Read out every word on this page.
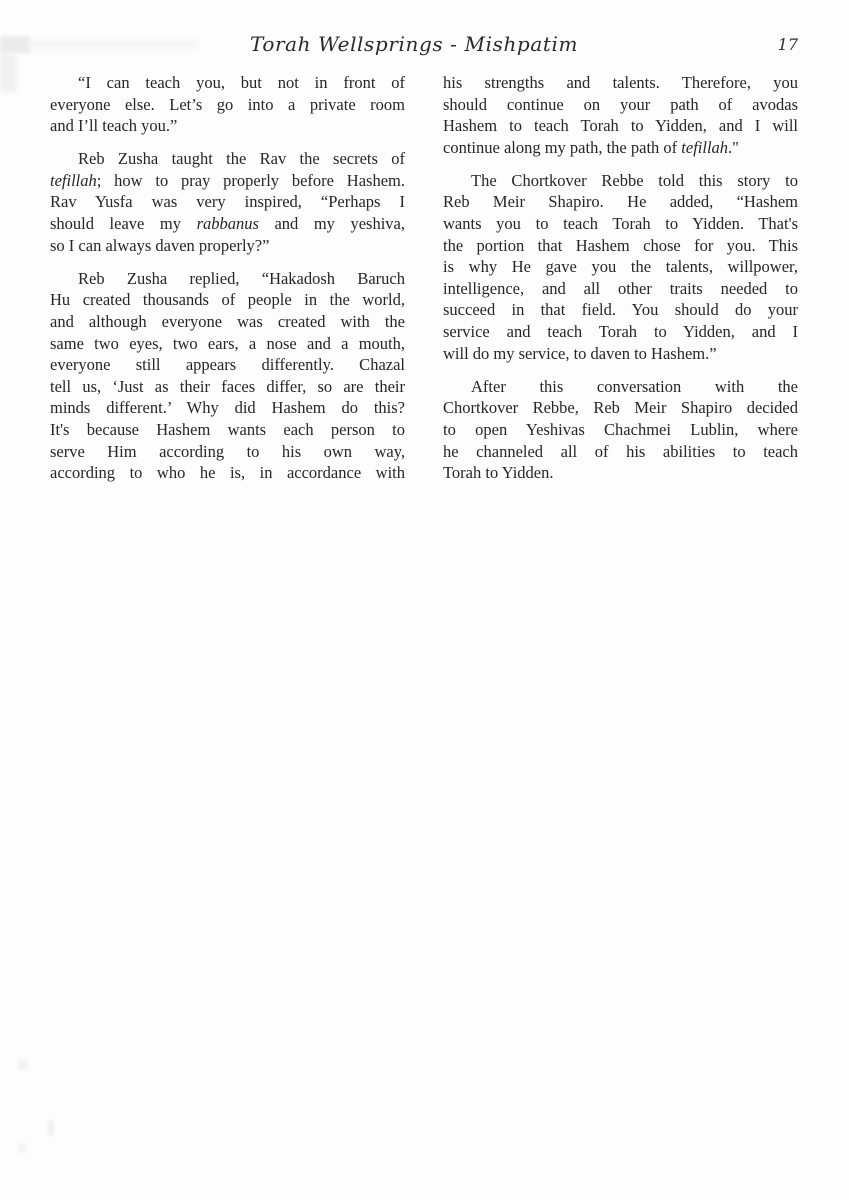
Torah Wellsprings - Mishpatim	17
“I can teach you, but not in front of
everyone else. Let’s go into a private room
and I’ll teach you.”
Reb Zusha taught the Rav the secrets of
tefillah; how to pray properly before Hashem.
Rav Yusfa was very inspired, “Perhaps I
should leave my rabbanus and my yeshiva,
so I can always daven properly?”
Reb Zusha replied, “Hakadosh Baruch
Hu created thousands of people in the world,
and although everyone was created with the
same two eyes, two ears, a nose and a mouth,
everyone still appears differently. Chazal
tell us, ‘Just as their faces differ, so are their
minds different.’ Why did Hashem do this?
It's because Hashem wants each person to
serve Him according to his own way,
according to who he is, in accordance with
his strengths and talents. Therefore, you
should continue on your path of avodas
Hashem to teach Torah to Yidden, and I will
continue along my path, the path of tefillah."
The Chortkover Rebbe told this story to
Reb Meir Shapiro. He added, “Hashem
wants you to teach Torah to Yidden. That's
the portion that Hashem chose for you. This
is why He gave you the talents, willpower,
intelligence, and all other traits needed to
succeed in that field. You should do your
service and teach Torah to Yidden, and I
will do my service, to daven to Hashem.”
After this conversation with the
Chortkover Rebbe, Reb Meir Shapiro decided
to open Yeshivas Chachmei Lublin, where
he channeled all of his abilities to teach
Torah to Yidden.
